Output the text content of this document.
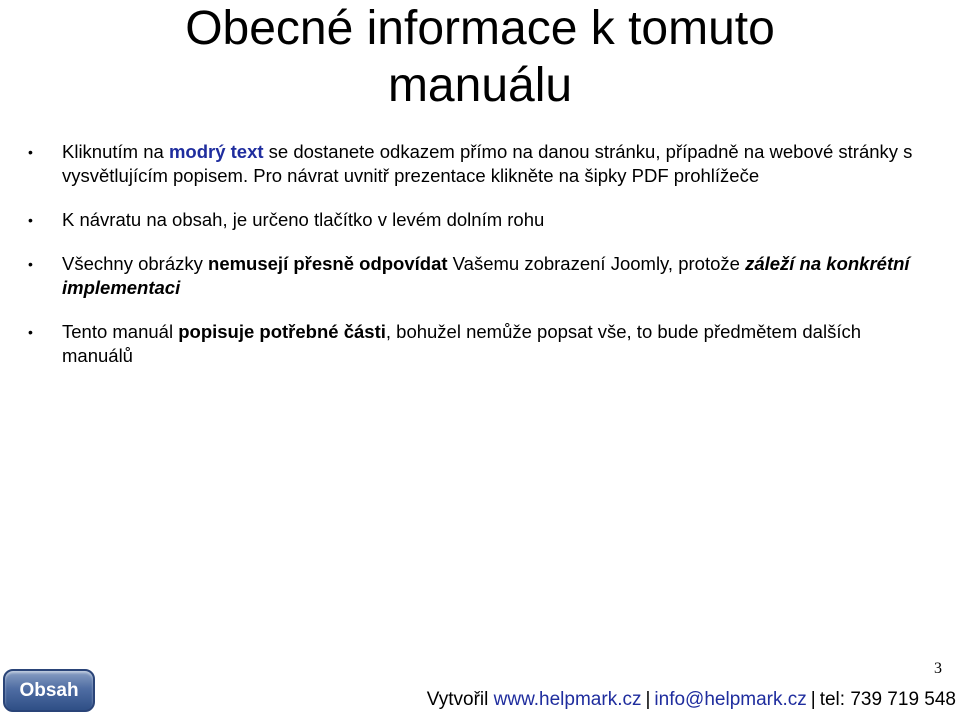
Obecné informace k tomuto
manuálu
• Kliknutím na modrý text se dostanete odkazem přímo na danou stránku, případně na webové stránky s vysvětlujícím popisem. Pro návrat uvnitř prezentace klikněte na šipky PDF prohlížeče
• K návratu na obsah, je určeno tlačítko v levém dolním rohu
• Všechny obrázky nemusejí přesně odpovídat Vašemu zobrazení Joomly, protože záleží na konkrétní implementaci
• Tento manuál popisuje potřebné části, bohužel nemůže popsat vše, to bude předmětem dalších manuálů
3
Obsah	Vytvořil www.helpmark.cz | info@helpmark.cz | tel: 739 719 548
